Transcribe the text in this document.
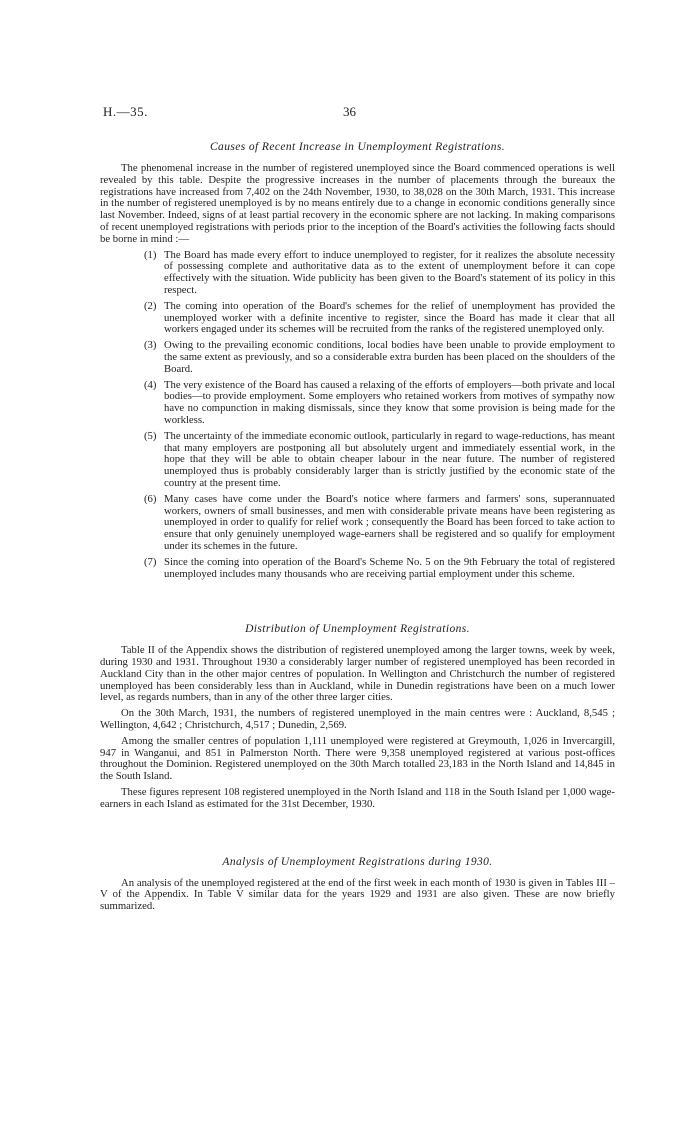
H.—35.	36
Causes of Recent Increase in Unemployment Registrations.

The phenomenal increase in the number of registered unemployed since the Board commenced operations is well revealed by this table. Despite the progressive increases in the number of placements through the bureaux the registrations have increased from 7,402 on the 24th November, 1930, to 38,028 on the 30th March, 1931. This increase in the number of registered unemployed is by no means entirely due to a change in economic conditions generally since last November. Indeed, signs of at least partial recovery in the economic sphere are not lacking. In making comparisons of recent unemployed registrations with periods prior to the inception of the Board's activities the following facts should be borne in mind :—

(1) The Board has made every effort to induce unemployed to register, for it realizes the absolute necessity of possessing complete and authoritative data as to the extent of unemployment before it can cope effectively with the situation. Wide publicity has been given to the Board's statement of its policy in this respect.
(2) The coming into operation of the Board's schemes for the relief of unemployment has provided the unemployed worker with a definite incentive to register, since the Board has made it clear that all workers engaged under its schemes will be recruited from the ranks of the registered unemployed only.
(3) Owing to the prevailing economic conditions, local bodies have been unable to provide employment to the same extent as previously, and so a considerable extra burden has been placed on the shoulders of the Board.
(4) The very existence of the Board has caused a relaxing of the efforts of employers—both private and local bodies—to provide employment. Some employers who retained workers from motives of sympathy now have no compunction in making dismissals, since they know that some provision is being made for the workless.
(5) The uncertainty of the immediate economic outlook, particularly in regard to wage-reductions, has meant that many employers are postponing all but absolutely urgent and immediately essential work, in the hope that they will be able to obtain cheaper labour in the near future. The number of registered unemployed thus is probably considerably larger than is strictly justified by the economic state of the country at the present time.
(6) Many cases have come under the Board's notice where farmers and farmers' sons, superannuated workers, owners of small businesses, and men with considerable private means have been registering as unemployed in order to qualify for relief work ; consequently the Board has been forced to take action to ensure that only genuinely unemployed wage-earners shall be registered and so qualify for employment under its schemes in the future.
(7) Since the coming into operation of the Board's Scheme No. 5 on the 9th February the total of registered unemployed includes many thousands who are receiving partial employment under this scheme.
Distribution of Unemployment Registrations.

Table II of the Appendix shows the distribution of registered unemployed among the larger towns, week by week, during 1930 and 1931. Throughout 1930 a considerably larger number of registered unemployed has been recorded in Auckland City than in the other major centres of population. In Wellington and Christchurch the number of registered unemployed has been considerably less than in Auckland, while in Dunedin registrations have been on a much lower level, as regards numbers, than in any of the other three larger cities.

On the 30th March, 1931, the numbers of registered unemployed in the main centres were : Auckland, 8,545 ; Wellington, 4,642 ; Christchurch, 4,517 ; Dunedin, 2,569.

Among the smaller centres of population 1,111 unemployed were registered at Greymouth, 1,026 in Invercargill, 947 in Wanganui, and 851 in Palmerston North. There were 9,358 unemployed registered at various post-offices throughout the Dominion. Registered unemployed on the 30th March totalled 23,183 in the North Island and 14,845 in the South Island.

These figures represent 108 registered unemployed in the North Island and 118 in the South Island per 1,000 wage-earners in each Island as estimated for the 31st December, 1930.

Analysis of Unemployment Registrations during 1930.

An analysis of the unemployed registered at the end of the first week in each month of 1930 is given in Tables III – V of the Appendix. In Table V similar data for the years 1929 and 1931 are also given. These are now briefly summarized.
